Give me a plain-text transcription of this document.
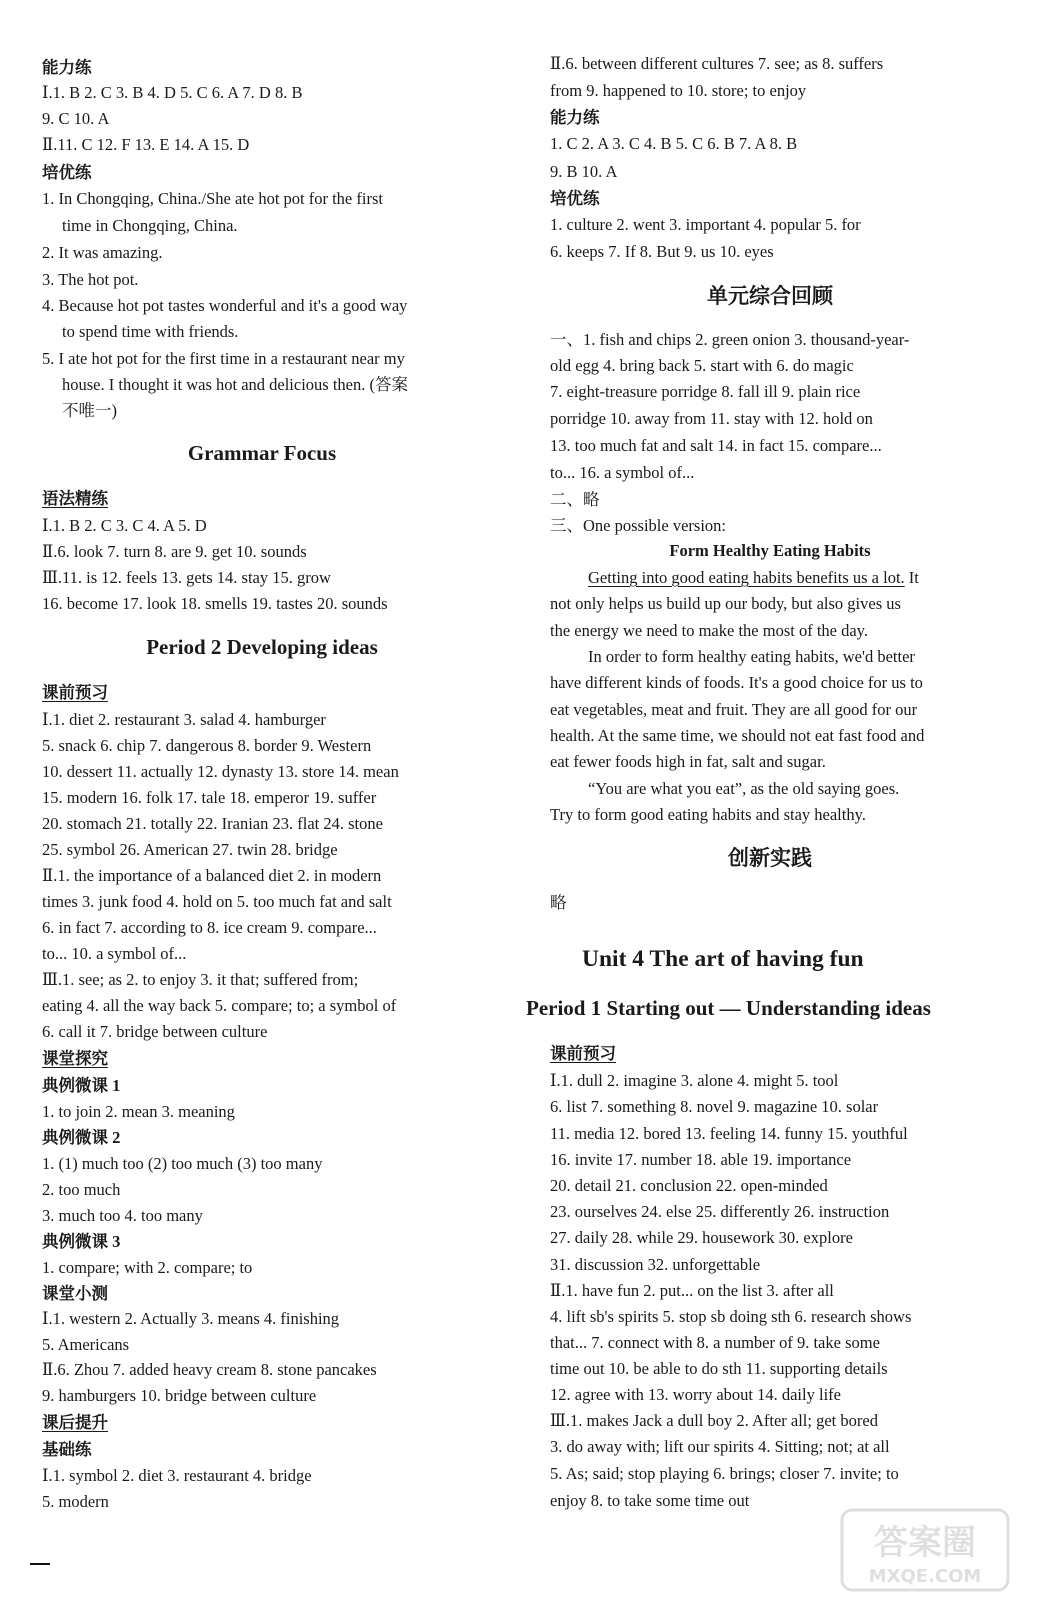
能力练
Ⅰ.1. B 2. C 3. B 4. D 5. C 6. A 7. D 8. B
9. C 10. A
Ⅱ.11. C 12. F 13. E 14. A 15. D
培优练
1. In Chongqing, China./She ate hot pot for the first
time in Chongqing, China.
2. It was amazing.
3. The hot pot.
4. Because hot pot tastes wonderful and it's a good way
to spend time with friends.
5. I ate hot pot for the first time in a restaurant near my
house. I thought it was hot and delicious then. (答案
不唯一)
Grammar Focus
语法精练
Ⅰ.1. B 2. C 3. C 4. A 5. D
Ⅱ.6. look 7. turn 8. are 9. get 10. sounds
Ⅲ.11. is 12. feels 13. gets 14. stay 15. grow
16. become 17. look 18. smells 19. tastes 20. sounds
Period 2 Developing ideas
课前预习
Ⅰ.1. diet 2. restaurant 3. salad 4. hamburger
5. snack 6. chip 7. dangerous 8. border 9. Western
10. dessert 11. actually 12. dynasty 13. store 14. mean
15. modern 16. folk 17. tale 18. emperor 19. suffer
20. stomach 21. totally 22. Iranian 23. flat 24. stone
25. symbol 26. American 27. twin 28. bridge
Ⅱ.1. the importance of a balanced diet 2. in modern
times 3. junk food 4. hold on 5. too much fat and salt
6. in fact 7. according to 8. ice cream 9. compare...
to... 10. a symbol of...
Ⅲ.1. see; as 2. to enjoy 3. it that; suffered from;
eating 4. all the way back 5. compare; to; a symbol of
6. call it 7. bridge between culture
课堂探究
典例微课 1
1. to join 2. mean 3. meaning
典例微课 2
1. (1) much too (2) too much (3) too many
2. too much
3. much too 4. too many
典例微课 3
1. compare; with 2. compare; to
课堂小测
Ⅰ.1. western 2. Actually 3. means 4. finishing
5. Americans
Ⅱ.6. Zhou 7. added heavy cream 8. stone pancakes
9. hamburgers 10. bridge between culture
课后提升
基础练
Ⅰ.1. symbol 2. diet 3. restaurant 4. bridge
5. modern
Ⅱ.6. between different cultures 7. see; as 8. suffers
from 9. happened to 10. store; to enjoy
能力练
1. C 2. A 3. C 4. B 5. C 6. B 7. A 8. B
9. B 10. A
培优练
1. culture 2. went 3. important 4. popular 5. for
6. keeps 7. If 8. But 9. us 10. eyes
单元综合回顾
一、1. fish and chips 2. green onion 3. thousand-year-
old egg 4. bring back 5. start with 6. do magic
7. eight-treasure porridge 8. fall ill 9. plain rice
porridge 10. away from 11. stay with 12. hold on
13. too much fat and salt 14. in fact 15. compare...
to... 16. a symbol of...
二、略
三、One possible version:
Form Healthy Eating Habits
Getting into good eating habits benefits us a lot. It
not only helps us build up our body, but also gives us
the energy we need to make the most of the day.
In order to form healthy eating habits, we'd better
have different kinds of foods. It's a good choice for us to
eat vegetables, meat and fruit. They are all good for our
health. At the same time, we should not eat fast food and
eat fewer foods high in fat, salt and sugar.
“You are what you eat”, as the old saying goes.
Try to form good eating habits and stay healthy.
创新实践
略
Unit 4 The art of having fun
Period 1 Starting out — Understanding ideas
课前预习
Ⅰ.1. dull 2. imagine 3. alone 4. might 5. tool
6. list 7. something 8. novel 9. magazine 10. solar
11. media 12. bored 13. feeling 14. funny 15. youthful
16. invite 17. number 18. able 19. importance
20. detail 21. conclusion 22. open-minded
23. ourselves 24. else 25. differently 26. instruction
27. daily 28. while 29. housework 30. explore
31. discussion 32. unforgettable
Ⅱ.1. have fun 2. put... on the list 3. after all
4. lift sb's spirits 5. stop sb doing sth 6. research shows
that... 7. connect with 8. a number of 9. take some
time out 10. be able to do sth 11. supporting details
12. agree with 13. worry about 14. daily life
Ⅲ.1. makes Jack a dull boy 2. After all; get bored
3. do away with; lift our spirits 4. Sitting; not; at all
5. As; said; stop playing 6. brings; closer 7. invite; to
enjoy 8. to take some time out
答案圈
MXQE.COM
